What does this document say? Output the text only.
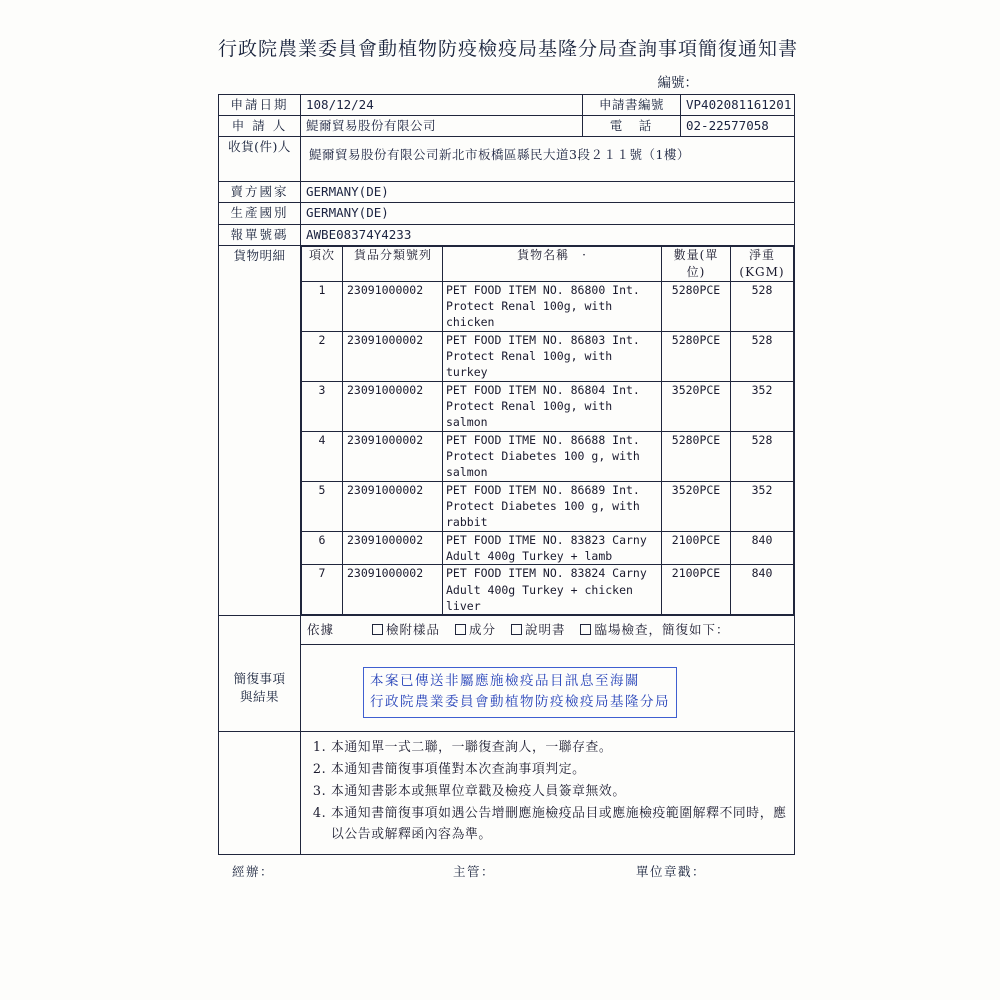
行政院農業委員會動植物防疫檢疫局基隆分局查詢事項簡復通知書
編號：
申請日期	108/12/24	申請書編號	VP402081161201
申 請 人	鯷爾貿易股份有限公司	電　話	02-22577058
收貨(件)人	鯷爾貿易股份有限公司新北市板橋區縣民大道3段２１１號（1樓）
賣方國家	GERMANY(DE)
生產國別	GERMANY(DE)
報單號碼	AWBE08374Y4233
貨物明細	項次	貨品分類號列	貨物名稱　·	數量(單位)	淨重(KGM)
1	23091000002	PET FOOD ITEM NO. 86800 Int. Protect Renal 100g, with chicken	5280PCE	528
2	23091000002	PET FOOD ITEM NO. 86803 Int. Protect Renal 100g, with turkey	5280PCE	528
3	23091000002	PET FOOD ITEM NO. 86804 Int. Protect Renal 100g, with salmon	3520PCE	352
4	23091000002	PET FOOD ITME NO. 86688 Int. Protect Diabetes 100 g, with salmon	5280PCE	528
5	23091000002	PET FOOD ITEM NO. 86689 Int. Protect Diabetes 100 g, with rabbit	3520PCE	352
6	23091000002	PET FOOD ITME NO. 83823 Carny Adult 400g Turkey + lamb	2100PCE	840
7	23091000002	PET FOOD ITEM NO. 83824 Carny Adult 400g Turkey + chicken liver	2100PCE	840

	依據	檢附樣品 成分 說明書 臨場檢查，簡復如下：

簡復事項
與結果

本案已傳送非屬應施檢疫品目訊息至海關
行政院農業委員會動植物防疫檢疫局基隆分局

1. 本通知單一式二聯，一聯復查詢人，一聯存查。
2. 本通知書簡復事項僅對本次查詢事項判定。
3. 本通知書影本或無單位章戳及檢疫人員簽章無效。
4. 本通知書簡復事項如遇公告增刪應施檢疫品目或應施檢疫範圍解釋不同時，應
以公告或解釋函內容為準。
經辦：	主管：	單位章戳：
